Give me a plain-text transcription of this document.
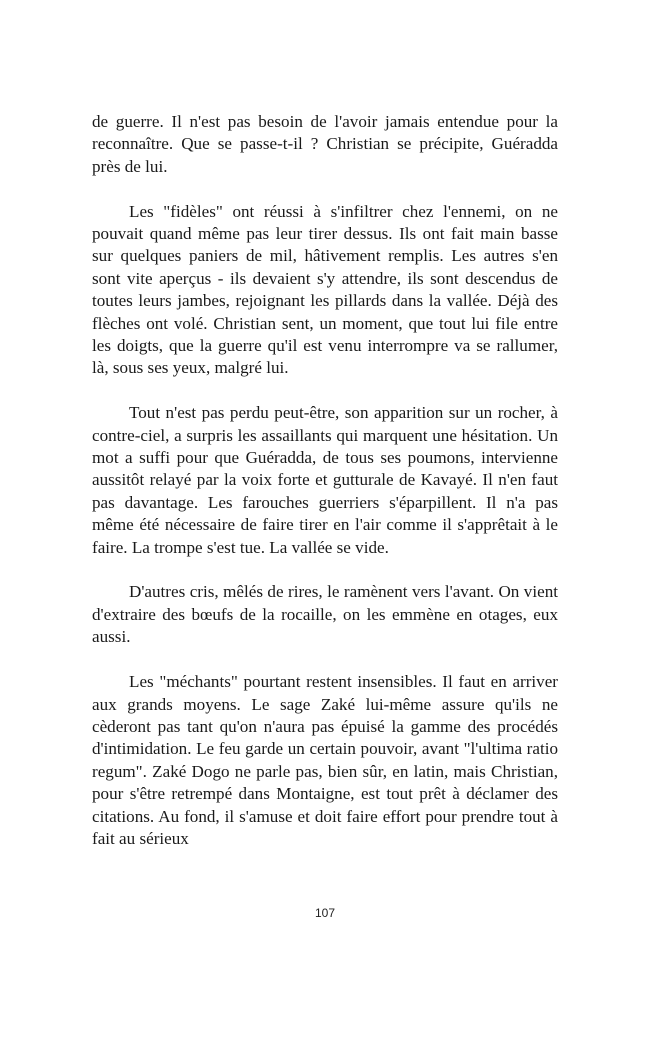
de guerre. Il n'est pas besoin de l'avoir jamais entendue pour la reconnaître. Que se passe-t-il ? Christian se précipite, Guéradda près de lui.

Les "fidèles" ont réussi à s'infiltrer chez l'ennemi, on ne pouvait quand même pas leur tirer dessus. Ils ont fait main basse sur quelques paniers de mil, hâtivement remplis. Les autres s'en sont vite aperçus - ils devaient s'y attendre, ils sont descendus de toutes leurs jambes, rejoignant les pillards dans la vallée. Déjà des flèches ont volé. Christian sent, un moment, que tout lui file entre les doigts, que la guerre qu'il est venu interrompre va se rallumer, là, sous ses yeux, malgré lui.

Tout n'est pas perdu peut-être, son apparition sur un rocher, à contre-ciel, a surpris les assaillants qui marquent une hésitation. Un mot a suffi pour que Guéradda, de tous ses poumons, intervienne aussitôt relayé par la voix forte et gutturale de Kavayé. Il n'en faut pas davantage. Les farouches guerriers s'éparpillent. Il n'a pas même été nécessaire de faire tirer en l'air comme il s'apprêtait à le faire. La trompe s'est tue. La vallée se vide.

D'autres cris, mêlés de rires, le ramènent vers l'avant. On vient d'extraire des bœufs de la rocaille, on les emmène en otages, eux aussi.

Les "méchants" pourtant restent insensibles. Il faut en arriver aux grands moyens. Le sage Zaké lui-même assure qu'ils ne cèderont pas tant qu'on n'aura pas épuisé la gamme des procédés d'intimidation. Le feu garde un certain pouvoir, avant "l'ultima ratio regum". Zaké Dogo ne parle pas, bien sûr, en latin, mais Christian, pour s'être retrempé dans Montaigne, est tout prêt à déclamer des citations. Au fond, il s'amuse et doit faire effort pour prendre tout à fait au sérieux

107
